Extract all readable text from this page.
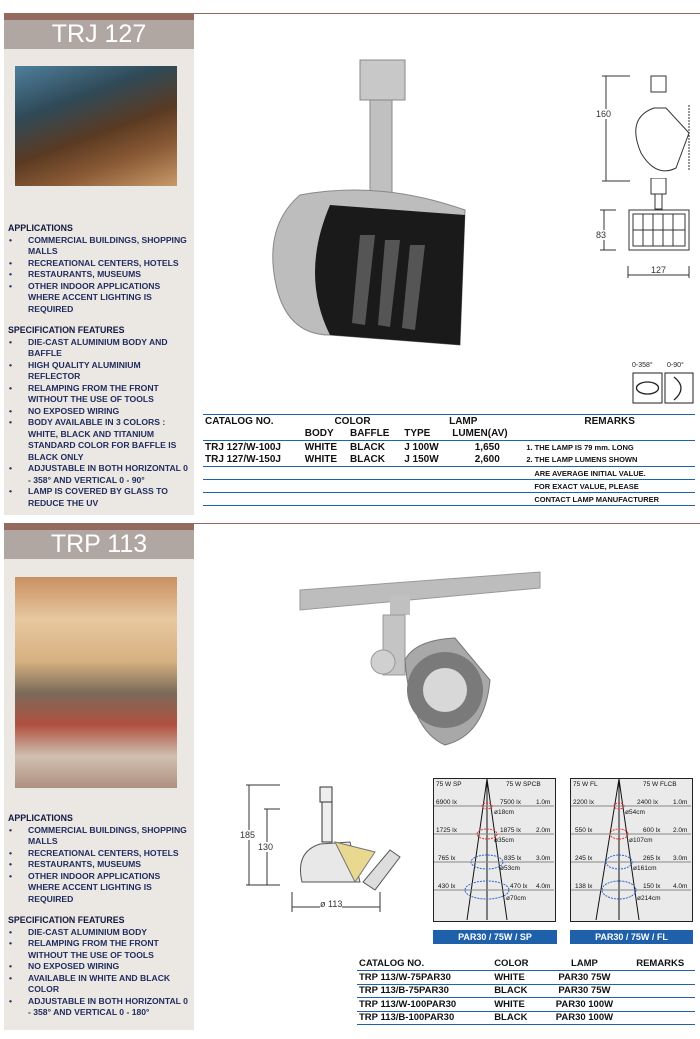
TRJ 127
APPLICATIONS
• COMMERCIAL BUILDINGS, SHOPPING MALLS
• RECREATIONAL CENTERS, HOTELS
• RESTAURANTS, MUSEUMS
• OTHER INDOOR APPLICATIONS WHERE ACCENT LIGHTING IS REQUIRED
SPECIFICATION FEATURES
• DIE-CAST ALUMINIUM BODY AND BAFFLE
• HIGH QUALITY ALUMINIUM REFLECTOR
• RELAMPING FROM THE FRONT WITHOUT THE USE OF TOOLS
• NO EXPOSED WIRING
• BODY AVAILABLE IN 3 COLORS : WHITE, BLACK AND TITANIUM STANDARD COLOR FOR BAFFLE IS BLACK ONLY
• ADJUSTABLE IN BOTH HORIZONTAL 0 - 358° AND VERTICAL 0 - 90°
• LAMP IS COVERED BY GLASS TO REDUCE THE UV
160
83
127
0-358° 0-90°
CATALOG NO.	COLOR		LAMP		REMARKS
	BODY	BAFFLE	TYPE	LUMEN(AV)	
TRJ 127/W-100J	WHITE	BLACK	J 100W	1,650	1. THE LAMP IS 79 mm. LONG
TRJ 127/W-150J	WHITE	BLACK	J 150W	2,600	2. THE LAMP LUMENS SHOWN
					ARE AVERAGE INITIAL VALUE.
					FOR EXACT VALUE, PLEASE
					CONTACT LAMP MANUFACTURER
TRP 113
APPLICATIONS
• COMMERCIAL BUILDINGS, SHOPPING MALLS
• RECREATIONAL CENTERS, HOTELS
• RESTAURANTS, MUSEUMS
• OTHER INDOOR APPLICATIONS WHERE ACCENT LIGHTING IS REQUIRED
SPECIFICATION FEATURES
• DIE-CAST ALUMINIUM BODY
• RELAMPING FROM THE FRONT WITHOUT THE USE OF TOOLS
• NO EXPOSED WIRING
• AVAILABLE IN WHITE AND BLACK COLOR
• ADJUSTABLE IN BOTH HORIZONTAL 0 - 358° AND VERTICAL 0 - 180°
185
130
ø 113
75 W SP	75 W SPCB
6900 lx	7500 lx 1.0m
ø18cm
1725 lx	1875 lx 2.0m
ø35cm
765 lx	835 lx 3.0m
ø53cm
430 lx	470 lx 4.0m
ø70cm
PAR30 / 75W / SP
75 W FL	75 W FLCB
2200 lx	2400 lx 1.0m
ø54cm
550 lx	600 lx 2.0m
ø107cm
245 lx	265 lx 3.0m
ø161cm
138 lx	150 lx 4.0m
ø214cm
PAR30 / 75W / FL
CATALOG NO.	COLOR	LAMP	REMARKS
TRP 113/W-75PAR30	WHITE	PAR30 75W	
TRP 113/B-75PAR30	BLACK	PAR30 75W	
TRP 113/W-100PAR30	WHITE	PAR30 100W	
TRP 113/B-100PAR30	BLACK	PAR30 100W	
